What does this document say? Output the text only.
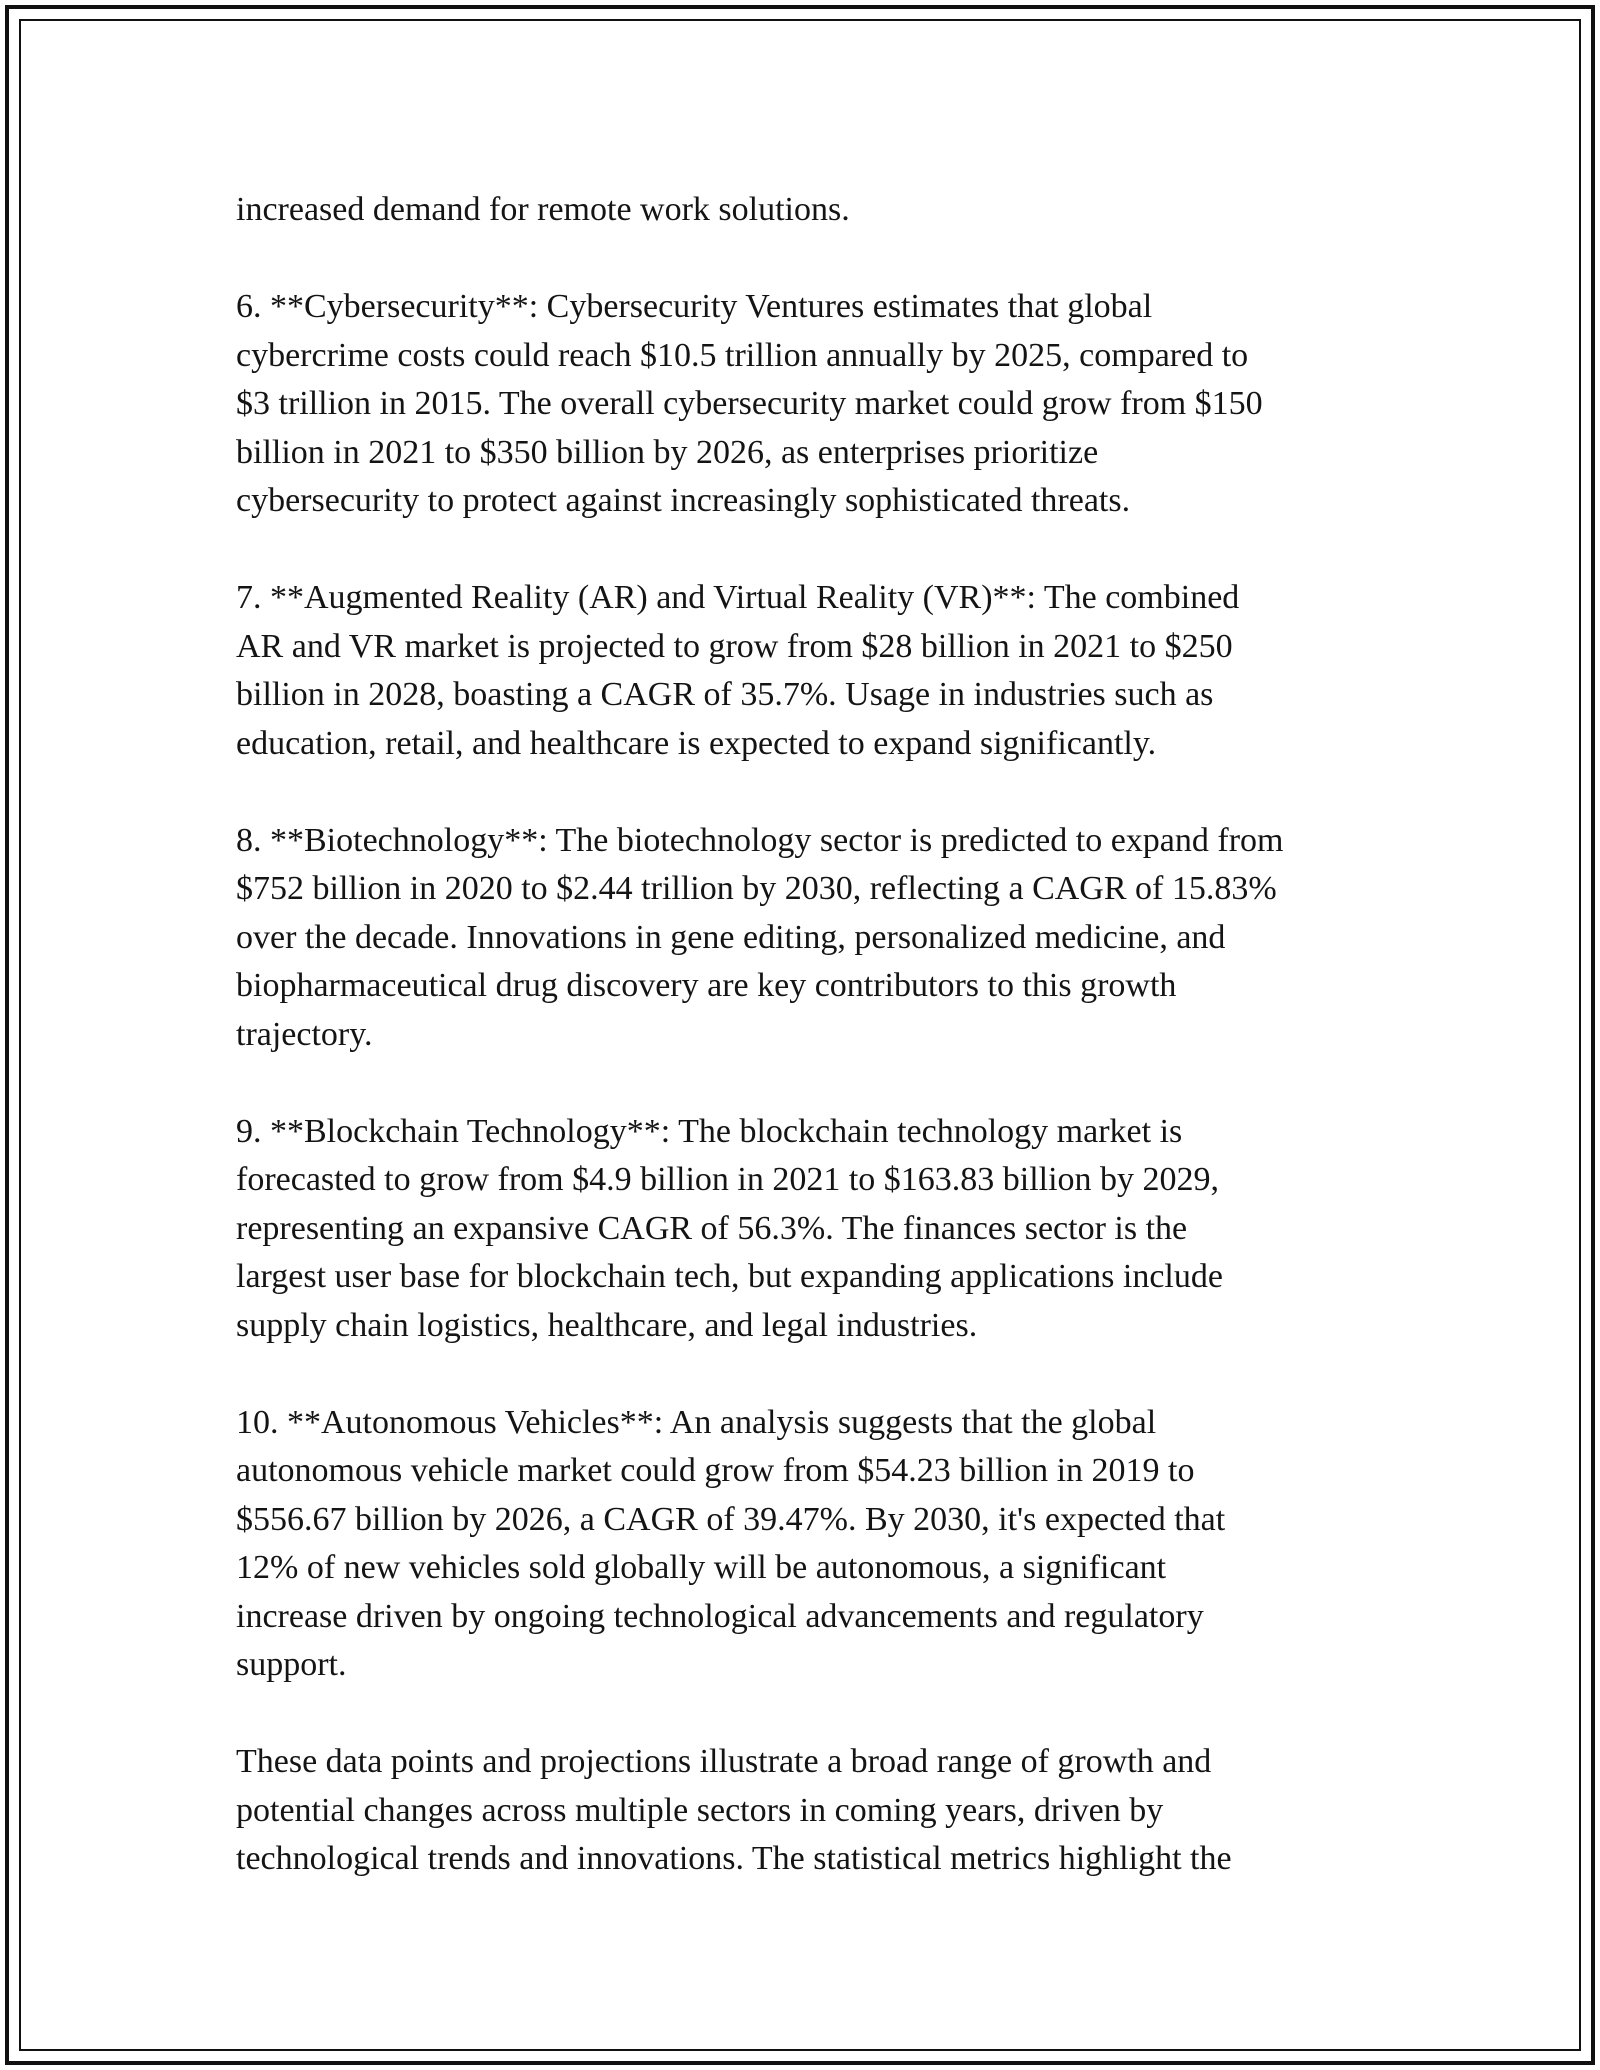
increased demand for remote work solutions.

6. **Cybersecurity**: Cybersecurity Ventures estimates that global
cybercrime costs could reach $10.5 trillion annually by 2025, compared to
$3 trillion in 2015. The overall cybersecurity market could grow from $150
billion in 2021 to $350 billion by 2026, as enterprises prioritize
cybersecurity to protect against increasingly sophisticated threats.

7. **Augmented Reality (AR) and Virtual Reality (VR)**: The combined
AR and VR market is projected to grow from $28 billion in 2021 to $250
billion in 2028, boasting a CAGR of 35.7%. Usage in industries such as
education, retail, and healthcare is expected to expand significantly.

8. **Biotechnology**: The biotechnology sector is predicted to expand from
$752 billion in 2020 to $2.44 trillion by 2030, reflecting a CAGR of 15.83%
over the decade. Innovations in gene editing, personalized medicine, and
biopharmaceutical drug discovery are key contributors to this growth
trajectory.

9. **Blockchain Technology**: The blockchain technology market is
forecasted to grow from $4.9 billion in 2021 to $163.83 billion by 2029,
representing an expansive CAGR of 56.3%. The finances sector is the
largest user base for blockchain tech, but expanding applications include
supply chain logistics, healthcare, and legal industries.

10. **Autonomous Vehicles**: An analysis suggests that the global
autonomous vehicle market could grow from $54.23 billion in 2019 to
$556.67 billion by 2026, a CAGR of 39.47%. By 2030, it's expected that
12% of new vehicles sold globally will be autonomous, a significant
increase driven by ongoing technological advancements and regulatory
support.

These data points and projections illustrate a broad range of growth and
potential changes across multiple sectors in coming years, driven by
technological trends and innovations. The statistical metrics highlight the
